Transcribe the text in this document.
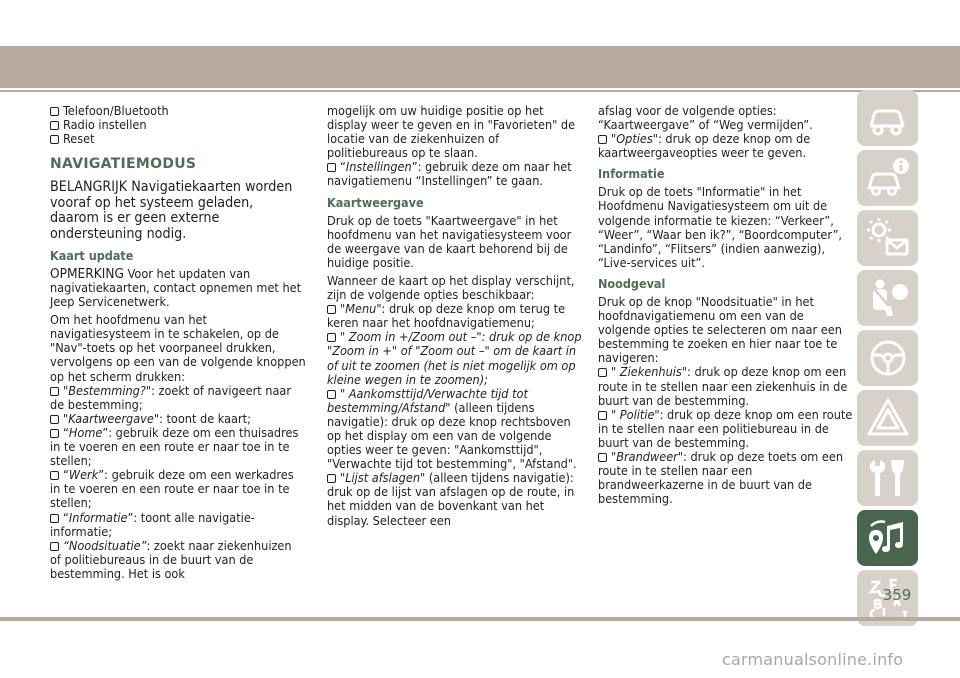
Telefoon/Bluetooth
Radio instellen
Reset
NAVIGATIEMODUS

BELANGRIJK Navigatiekaarten worden vooraf op het systeem geladen, daarom is er geen externe ondersteuning nodig.

Kaart update

OPMERKING Voor het updaten van nagivatiekaarten, contact opnemen met het Jeep Servicenetwerk.

Om het hoofdmenu van het navigatiesysteem in te schakelen, op de "Nav"-toets op het voorpaneel drukken, vervolgens op een van de volgende knoppen op het scherm drukken:

"Bestemming?": zoekt of navigeert naar de bestemming;
"Kaartweergave": toont de kaart;
“Home”: gebruik deze om een thuisadres in te voeren en een route er naar toe in te stellen;
“Werk”: gebruik deze om een werkadres in te voeren en een route er naar toe in te stellen;
“Informatie”: toont alle navigatie-informatie;
“Noodsituatie”: zoekt naar ziekenhuizen of politiebureaus in de buurt van de bestemming. Het is ook

mogelijk om uw huidige positie op het display weer te geven en in "Favorieten" de locatie van de ziekenhuizen of politiebureaus op te slaan.

“Instellingen”: gebruik deze om naar het navigatiemenu “Instellingen” te gaan.
Kaartweergave

Druk op de toets "Kaartweergave" in het hoofdmenu van het navigatiesysteem voor de weergave van de kaart behorend bij de huidige positie.

Wanneer de kaart op het display verschijnt, zijn de volgende opties beschikbaar:

"Menu": druk op deze knop om terug te keren naar het hoofdnavigatiemenu;
" Zoom in +/Zoom out –": druk op de knop "Zoom in +" of "Zoom out –" om de kaart in of uit te zoomen (het is niet mogelijk om op kleine wegen in te zoomen);
" Aankomsttijd/Verwachte tijd tot bestemming/Afstand" (alleen tijdens navigatie): druk op deze knop rechtsboven op het display om een van de volgende opties weer te geven: "Aankomsttijd", "Verwachte tijd tot bestemming", "Afstand".
"Lijst afslagen" (alleen tijdens navigatie): druk op de lijst van afslagen op de route, in het midden van de bovenkant van het display. Selecteer een

afslag voor de volgende opties: “Kaartweergave” of “Weg vermijden”.

"Opties": druk op deze knop om de kaartweergaveopties weer te geven.
Informatie

Druk op de toets "Informatie" in het Hoofdmenu Navigatiesysteem om uit de volgende informatie te kiezen: “Verkeer”, “Weer”, “Waar ben ik?”, “Boordcomputer”, “Landinfo”, “Flitsers” (indien aanwezig), “Live-services uit”.

Noodgeval

Druk op de knop "Noodsituatie" in het hoofdnavigatiemenu om een van de volgende opties te selecteren om naar een bestemming te zoeken en hier naar toe te navigeren:

" Ziekenhuis": druk op deze knop om een route in te stellen naar een ziekenhuis in de buurt van de bestemming.
" Politie": druk op deze knop om een route in te stellen naar een politiebureau in de buurt van de bestemming.
"Brandweer": druk op deze toets om een route in te stellen naar een brandweerkazerne in de buurt van de bestemming.
359
carmanualsonline.info
